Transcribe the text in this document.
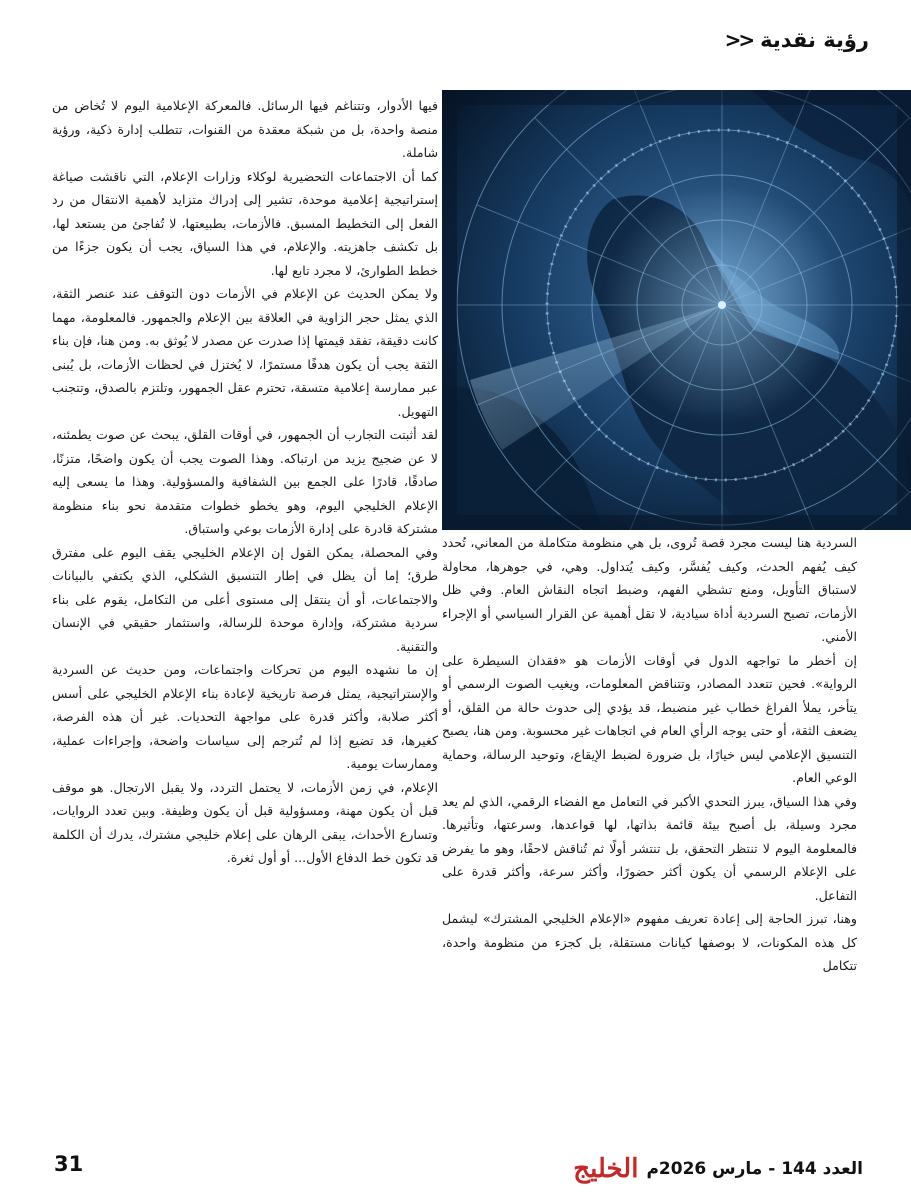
رؤية نقدية
<<

فيها الأدوار، وتتناغم فيها الرسائل. فالمعركة الإعلامية اليوم لا تُخاض من منصة واحدة، بل من شبكة معقدة من القنوات، تتطلب إدارة ذكية، ورؤية شاملة.

كما أن الاجتماعات التحضيرية لوكلاء وزارات الإعلام، التي ناقشت صياغة إستراتيجية إعلامية موحدة، تشير إلى إدراك متزايد لأهمية الانتقال من رد الفعل إلى التخطيط المسبق. فالأزمات، بطبيعتها، لا تُفاجئ من يستعد لها، بل تكشف جاهزيته. والإعلام، في هذا السياق، يجب أن يكون جزءًا من خطط الطوارئ، لا مجرد تابع لها.

ولا يمكن الحديث عن الإعلام في الأزمات دون التوقف عند عنصر الثقة، الذي يمثل حجر الزاوية في العلاقة بين الإعلام والجمهور. فالمعلومة، مهما كانت دقيقة، تفقد قيمتها إذا صدرت عن مصدر لا يُوثق به. ومن هنا، فإن بناء الثقة يجب أن يكون هدفًا مستمرًا، لا يُختزل في لحظات الأزمات، بل يُبنى عبر ممارسة إعلامية متسقة، تحترم عقل الجمهور، وتلتزم بالصدق، وتتجنب التهويل.

لقد أثبتت التجارب أن الجمهور، في أوقات القلق، يبحث عن صوت يطمئنه، لا عن ضجيج يزيد من ارتباكه. وهذا الصوت يجب أن يكون واضحًا، متزنًا، صادقًا، قادرًا على الجمع بين الشفافية والمسؤولية. وهذا ما يسعى إليه الإعلام الخليجي اليوم، وهو يخطو خطوات متقدمة نحو بناء منظومة مشتركة قادرة على إدارة الأزمات بوعي واستباق.

وفي المحصلة، يمكن القول إن الإعلام الخليجي يقف اليوم على مفترق طرق؛ إما أن يظل في إطار التنسيق الشكلي، الذي يكتفي بالبيانات والاجتماعات، أو أن ينتقل إلى مستوى أعلى من التكامل، يقوم على بناء سردية مشتركة، وإدارة موحدة للرسالة، واستثمار حقيقي في الإنسان والتقنية.

إن ما نشهده اليوم من تحركات واجتماعات، ومن حديث عن السردية والإستراتيجية، يمثل فرصة تاريخية لإعادة بناء الإعلام الخليجي على أسس أكثر صلابة، وأكثر قدرة على مواجهة التحديات. غير أن هذه الفرصة، كغيرها، قد تضيع إذا لم تُترجم إلى سياسات واضحة، وإجراءات عملية، وممارسات يومية.

الإعلام، في زمن الأزمات، لا يحتمل التردد، ولا يقبل الارتجال. هو موقف قبل أن يكون مهنة، ومسؤولية قبل أن يكون وظيفة. وبين تعدد الروايات، وتسارع الأحداث، يبقى الرهان على إعلام خليجي مشترك، يدرك أن الكلمة قد تكون خط الدفاع الأول... أو أول ثغرة.

السردية هنا ليست مجرد قصة تُروى، بل هي منظومة متكاملة من المعاني، تُحدد كيف يُفهم الحدث، وكيف يُفسَّر، وكيف يُتداول. وهي، في جوهرها، محاولة لاستباق التأويل، ومنع تشظي الفهم، وضبط اتجاه النقاش العام. وفي ظل الأزمات، تصبح السردية أداة سيادية، لا تقل أهمية عن القرار السياسي أو الإجراء الأمني.

إن أخطر ما تواجهه الدول في أوقات الأزمات هو «فقدان السيطرة على الرواية». فحين تتعدد المصادر، وتتناقض المعلومات، ويغيب الصوت الرسمي أو يتأخر، يملأ الفراغ خطاب غير منضبط، قد يؤدي إلى حدوث حالة من القلق، أو يضعف الثقة، أو حتى يوجه الرأي العام في اتجاهات غير محسوبة. ومن هنا، يصبح التنسيق الإعلامي ليس خيارًا، بل ضرورة لضبط الإيقاع، وتوحيد الرسالة، وحماية الوعي العام.

وفي هذا السياق، يبرز التحدي الأكبر في التعامل مع الفضاء الرقمي، الذي لم يعد مجرد وسيلة، بل أصبح بيئة قائمة بذاتها، لها قواعدها، وسرعتها، وتأثيرها. فالمعلومة اليوم لا تنتظر التحقق، بل تنتشر أولًا ثم تُناقش لاحقًا، وهو ما يفرض على الإعلام الرسمي أن يكون أكثر حضورًا، وأكثر سرعة، وأكثر قدرة على التفاعل.

وهنا، تبرز الحاجة إلى إعادة تعريف مفهوم «الإعلام الخليجي المشترك» ليشمل كل هذه المكونات، لا بوصفها كيانات مستقلة، بل كجزء من منظومة واحدة، تتكامل

31	العدد 144 - مارس 2026م
الخليج
